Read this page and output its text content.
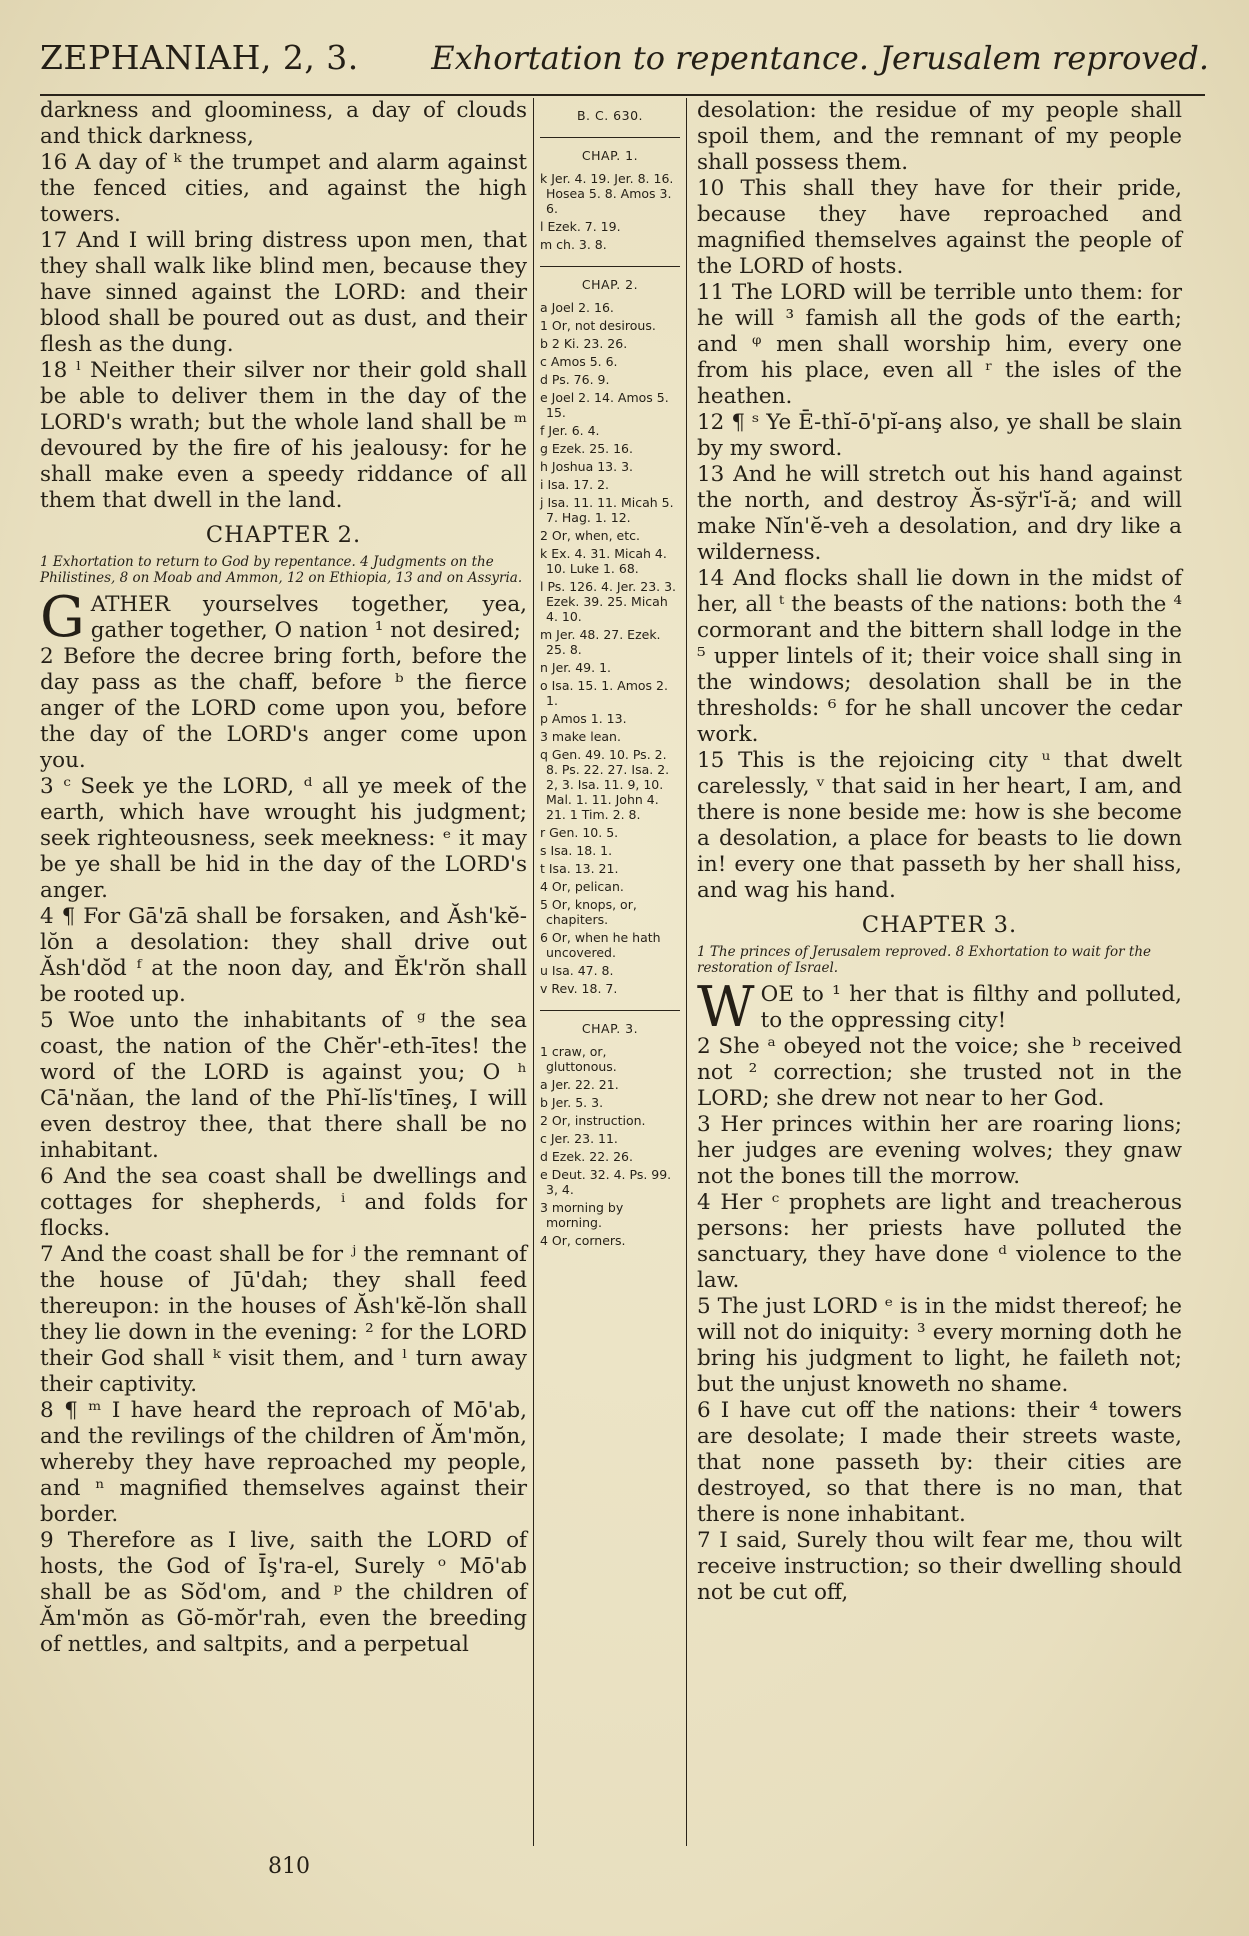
ZEPHANIAH, 2, 3. Exhortation to repentance. Jerusalem reproved.

darkness and gloominess, a day of clouds and thick darkness,

16 A day of ᵏ the trumpet and alarm against the fenced cities, and against the high towers.

17 And I will bring distress upon men, that they shall walk like blind men, because they have sinned against the LORD: and their blood shall be poured out as dust, and their flesh as the dung.

18 ˡ Neither their silver nor their gold shall be able to deliver them in the day of the LORD's wrath; but the whole land shall be ᵐ devoured by the fire of his jealousy: for he shall make even a speedy riddance of all them that dwell in the land.

CHAPTER 2.
1 Exhortation to return to God by repentance. 4 Judgments on the Philistines, 8 on Moab and Ammon, 12 on Ethiopia, 13 and on Assyria.

GATHER yourselves together, yea, gather together, O nation ¹ not desired;

2 Before the decree bring forth, before the day pass as the chaff, before ᵇ the fierce anger of the LORD come upon you, before the day of the LORD's anger come upon you.

3 ᶜ Seek ye the LORD, ᵈ all ye meek of the earth, which have wrought his judgment; seek righteousness, seek meekness: ᵉ it may be ye shall be hid in the day of the LORD's anger.

4 ¶ For Gā'zā shall be forsaken, and Ăsh'kĕ-lŏn a desolation: they shall drive out Ăsh'dŏd ᶠ at the noon day, and Ĕk'rŏn shall be rooted up.

5 Woe unto the inhabitants of ᵍ the sea coast, the nation of the Chĕr'-eth-ītes! the word of the LORD is against you; O ʰ Cā'năan, the land of the Phĭ-lĭs'tīneş, I will even destroy thee, that there shall be no inhabitant.

6 And the sea coast shall be dwellings and cottages for shepherds, ⁱ and folds for flocks.

7 And the coast shall be for ʲ the remnant of the house of Jū'dah; they shall feed thereupon: in the houses of Ăsh'kĕ-lŏn shall they lie down in the evening: ² for the LORD their God shall ᵏ visit them, and ˡ turn away their captivity.

8 ¶ ᵐ I have heard the reproach of Mō'ab, and the revilings of the children of Ăm'mŏn, whereby they have reproached my people, and ⁿ magnified themselves against their border.

9 Therefore as I live, saith the LORD of hosts, the God of Īş'ra-el, Surely ᵒ Mō'ab shall be as Sŏd'om, and ᵖ the children of Ăm'mŏn as Gŏ-mŏr'rah, even the breeding of nettles, and saltpits, and a perpetual

B. C. 630.
CHAP. 1.
k Jer. 4. 19. Jer. 8. 16. Hosea 5. 8. Amos 3. 6.
l Ezek. 7. 19.
m ch. 3. 8.
CHAP. 2.
a Joel 2. 16.
1 Or, not desirous.
b 2 Ki. 23. 26.
c Amos 5. 6.
d Ps. 76. 9.
e Joel 2. 14. Amos 5. 15.
f Jer. 6. 4.
g Ezek. 25. 16.
h Joshua 13. 3.
i Isa. 17. 2.
j Isa. 11. 11. Micah 5. 7. Hag. 1. 12.
2 Or, when, etc.
k Ex. 4. 31. Micah 4. 10. Luke 1. 68.
l Ps. 126. 4. Jer. 23. 3. Ezek. 39. 25. Micah 4. 10.
m Jer. 48. 27. Ezek. 25. 8.
n Jer. 49. 1.
o Isa. 15. 1. Amos 2. 1.
p Amos 1. 13.
3 make lean.
q Gen. 49. 10. Ps. 2. 8. Ps. 22. 27. Isa. 2. 2, 3. Isa. 11. 9, 10. Mal. 1. 11. John 4. 21. 1 Tim. 2. 8.
r Gen. 10. 5.
s Isa. 18. 1.
t Isa. 13. 21.
4 Or, pelican.
5 Or, knops, or, chapiters.
6 Or, when he hath uncovered.
u Isa. 47. 8.
v Rev. 18. 7.
CHAP. 3.
1 craw, or, gluttonous.
a Jer. 22. 21.
b Jer. 5. 3.
2 Or, instruction.
c Jer. 23. 11.
d Ezek. 22. 26.
e Deut. 32. 4. Ps. 99. 3, 4.
3 morning by morning.
4 Or, corners.

desolation: the residue of my people shall spoil them, and the remnant of my people shall possess them.

10 This shall they have for their pride, because they have reproached and magnified themselves against the people of the LORD of hosts.

11 The LORD will be terrible unto them: for he will ³ famish all the gods of the earth; and ᵠ men shall worship him, every one from his place, even all ʳ the isles of the heathen.

12 ¶ ˢ Ye Ē-thĭ-ō'pĭ-anş also, ye shall be slain by my sword.

13 And he will stretch out his hand against the north, and destroy Ăs-sўr'ĭ-ă; and will make Nĭn'ĕ-veh a desolation, and dry like a wilderness.

14 And flocks shall lie down in the midst of her, all ᵗ the beasts of the nations: both the ⁴ cormorant and the bittern shall lodge in the ⁵ upper lintels of it; their voice shall sing in the windows; desolation shall be in the thresholds: ⁶ for he shall uncover the cedar work.

15 This is the rejoicing city ᵘ that dwelt carelessly, ᵛ that said in her heart, I am, and there is none beside me: how is she become a desolation, a place for beasts to lie down in! every one that passeth by her shall hiss, and wag his hand.

CHAPTER 3.
1 The princes of Jerusalem reproved. 8 Exhortation to wait for the restoration of Israel.

WOE to ¹ her that is filthy and polluted, to the oppressing city!

2 She ᵃ obeyed not the voice; she ᵇ received not ² correction; she trusted not in the LORD; she drew not near to her God.

3 Her princes within her are roaring lions; her judges are evening wolves; they gnaw not the bones till the morrow.

4 Her ᶜ prophets are light and treacherous persons: her priests have polluted the sanctuary, they have done ᵈ violence to the law.

5 The just LORD ᵉ is in the midst thereof; he will not do iniquity: ³ every morning doth he bring his judgment to light, he faileth not; but the unjust knoweth no shame.

6 I have cut off the nations: their ⁴ towers are desolate; I made their streets waste, that none passeth by: their cities are destroyed, so that there is no man, that there is none inhabitant.

7 I said, Surely thou wilt fear me, thou wilt receive instruction; so their dwelling should not be cut off,

810
